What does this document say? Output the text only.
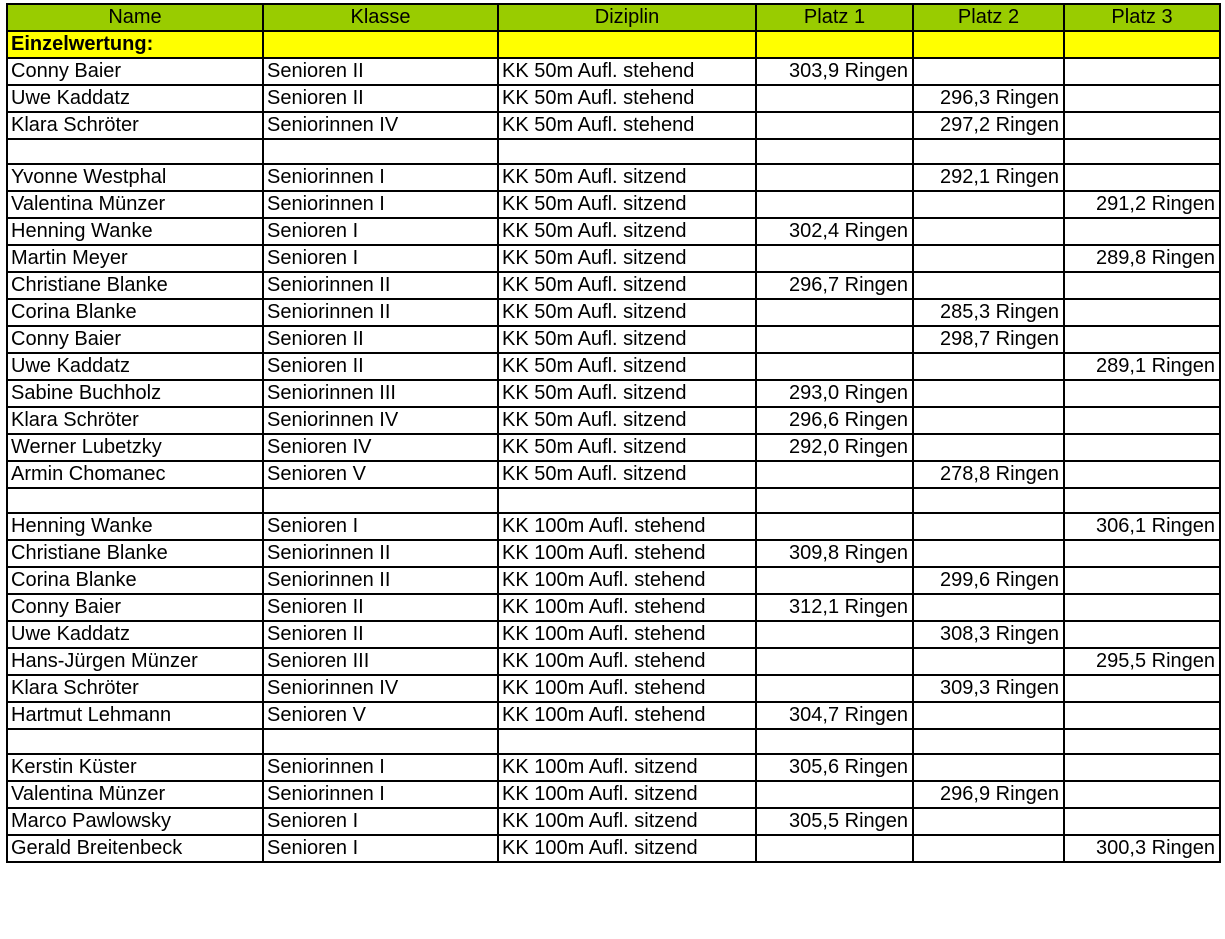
Name	Klasse	Diziplin	Platz 1	Platz 2	Platz 3
Einzelwertung:					
Conny Baier	Senioren II	KK 50m Aufl. stehend	303,9 Ringen		
Uwe Kaddatz	Senioren II	KK 50m Aufl. stehend		296,3 Ringen	
Klara Schröter	Seniorinnen IV	KK 50m Aufl. stehend		297,2 Ringen	

Yvonne Westphal	Seniorinnen I	KK 50m Aufl. sitzend		292,1 Ringen	
Valentina Münzer	Seniorinnen I	KK 50m Aufl. sitzend			291,2 Ringen
Henning Wanke	Senioren I	KK 50m Aufl. sitzend	302,4 Ringen		
Martin Meyer	Senioren I	KK 50m Aufl. sitzend			289,8 Ringen
Christiane Blanke	Seniorinnen II	KK 50m Aufl. sitzend	296,7 Ringen		
Corina Blanke	Seniorinnen II	KK 50m Aufl. sitzend		285,3 Ringen	
Conny Baier	Senioren II	KK 50m Aufl. sitzend		298,7 Ringen	
Uwe Kaddatz	Senioren II	KK 50m Aufl. sitzend			289,1 Ringen
Sabine Buchholz	Seniorinnen III	KK 50m Aufl. sitzend	293,0 Ringen		
Klara Schröter	Seniorinnen IV	KK 50m Aufl. sitzend	296,6 Ringen		
Werner Lubetzky	Senioren IV	KK 50m Aufl. sitzend	292,0 Ringen		
Armin Chomanec	Senioren V	KK 50m Aufl. sitzend		278,8 Ringen	

Henning Wanke	Senioren I	KK 100m Aufl. stehend			306,1 Ringen
Christiane Blanke	Seniorinnen II	KK 100m Aufl. stehend	309,8 Ringen		
Corina Blanke	Seniorinnen II	KK 100m Aufl. stehend		299,6 Ringen	
Conny Baier	Senioren II	KK 100m Aufl. stehend	312,1 Ringen		
Uwe Kaddatz	Senioren II	KK 100m Aufl. stehend		308,3 Ringen	
Hans-Jürgen Münzer	Senioren III	KK 100m Aufl. stehend			295,5 Ringen
Klara Schröter	Seniorinnen IV	KK 100m Aufl. stehend		309,3 Ringen	
Hartmut Lehmann	Senioren V	KK 100m Aufl. stehend	304,7 Ringen		

Kerstin Küster	Seniorinnen I	KK 100m Aufl. sitzend	305,6 Ringen		
Valentina Münzer	Seniorinnen I	KK 100m Aufl. sitzend		296,9 Ringen	
Marco Pawlowsky	Senioren I	KK 100m Aufl. sitzend	305,5 Ringen		
Gerald Breitenbeck	Senioren I	KK 100m Aufl. sitzend			300,3 Ringen
